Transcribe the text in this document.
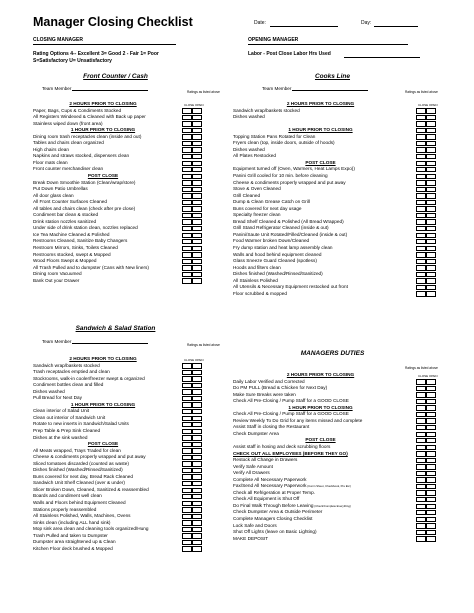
Manager Closing Checklist	Date:	Day:
CLOSING MANAGER	OPENING MANAGER
Rating Options 4-- Excellent 3= Good 2 - Fair 1= Poor
S=Satisfactory U= Unsatisfactory
Labor - Post Close Labor Hrs Used
Front Counter / Cash
Team Member
Ratings as listed above
Cooks Line
Team Member
Ratings as listed above
Sandwich & Salad Station
Team Member
Ratings as listed above
MANAGERS DUTIES
Ratings as listed above
2 HOURS PRIOR TO CLOSING	CLOSE OPEN
Paper, Bags, Cups & Condiments Stocked
All Registers Windexed & Cleaned with Back up paper
Stainless wiped down (front area)
1 HOUR PRIOR TO CLOSING
Dining room trash receptacles clean (inside and out)
Tables and chairs clean organized
High chairs clean
Napkins and straws stocked, dispensers clean
Floor mats clean
Front counter merchandiser clean
POST CLOSE
Break Down Smoothie Station (Clean/wrap/store)
Put Down Patio Umbrellas
All door glass clean
All Front Counter Surfaces Cleaned
All tables and chairs clean (check after pre close)
Condiment bar clean & stocked
Drink station nozzles sanitized
Under side of drink station clean, nozzles replaced
Ice Tea Machine Cleaned & Polished
Restrooms Cleaned, Sanitize Baby Changers
Restroom Mirrors, Sinks, Toilets Cleaned
Restrooms stocked, swept & Mopped
Wood Floors Swept & Mopped
All Trash Pulled and to dumpster (Cans with New liners)
Dining room Vacuumed
Bank Out your Drawer
2 HOURS PRIOR TO CLOSING	CLOSE OPEN
Sandwich wrap/baskets stocked
Trash receptacles emptied and clean
Stockrooms, walk-in cooler/freezer swept & organized
Condiment bottles clean and filled
Dishes washed
Pull Bread for Next Day
1 HOUR PRIOR TO CLOSING
Clean interior of Salad Unit
Clean out interior of Sandwich Unit
Rotate to new inserts in Sandwich/Salad Units
Prep Table & Prep Sink Cleaned
Dishes at the sink washed
POST CLOSE
All Meats wrapped, Trays Traded for clean
Cheese & condiments properly wrapped and put away
Sliced tomatoes discarded (counted as waste)
Dishes finished (Washed/Rinsed/Sanitized)
Buns covered for next day, Bread Rack Cleaned
Sandwich Unit Shelf Cleaned (over & under)
Slicer Broken Down, Cleaned, Sanitized & reassembled
Boards and condiment well clean
Walls and Floors behind Equipment Cleaned
Stations properly reassembled
All Stainless Polished, Walls, Machines, Ovens
Sinks clean (including ALL hand sink)
Mop sink area clean and cleaning tools organized/Hung
Trash Pulled and taken to Dumpster
Dumpster area straightened up & Clean
Kitchen Floor deck brushed & Mopped
2 HOURS PRIOR TO CLOSING	CLOSE OPEN
Sandwich wrap/baskets stocked
Dishes washed
1 HOUR PRIOR TO CLOSING
Topping Station Pans Rotated for Clean
Fryers clean (top, inside doors, outside of hoods)
Dishes washed
All Plates Restocked
POST CLOSE
Equipment turned off (Oven, Warmers, Heat Lamps Expo))
Panini Grill cooled for 10 min. before cleaning
Cheese & condiments properly wrapped and put away
Stove & Oven Cleaned
Grill Cleaned
Dump & Clean Grease Catch on Grill
Buns covered for next day usage
Specialty freezer clean
Bread Shelf Cleaned & Polished (All Bread Wrapped)
Grill Stand Refrigerator Cleaned (inside & out)
Panini/Saute Unit Rotated/Filled/Cleaned (inside & out)
Food Warmer broken Down/Cleaned
Fry dump station and heat lamp assembly clean
Walls and hood behind equipment cleaned
Glass Sneeze Guard Cleaned (spotless)
Hoods and filters clean
Dishes finished (Washed/Rinsed/Sanitized)
All Stainless Polished
All Utensils & Necessary Equipment restocked out front
Floor scrubbed & mopped
2 HOURS PRIOR TO CLOSING	CLOSE OPEN
Daily Labor Verified and Corrected
Do PM PULL (Bread & Chicken for Next Day)
Make Sure Breaks were taken
Check All Pre-Closing / Pump Staff for a GOOD CLOSE
1 HOUR PRIOR TO CLOSING
Check All Pre-Closing / Pump Staff for a GOOD CLOSE
Review Weekly To Do Grid for any items missed and complete
Assist Staff in closing the Restaurant
Check Dumpster Area
POST CLOSE
Assist staff in hosing and deck scrubbing floors
CHECK OUT ALL EMPLOYEES (BEFORE THEY GO)
Restock all Change in Drawers
Verify Safe Amount
Verify All Drawers
Complete All Necessary Paperwork
Fax/Send All Necessary Paperwork (Cat in Sheet, Checkbook, Pre Etc)
Check all Refrigeration at Proper Temp.
Check All Equipment is Shut Off
Do Final Walk Through Before Leaving (Check/Complete Everything)
Check Dumpster Area & Outside Perimeter
Complete Managers Closing Checklist
Lock Safe and Doors
Shut Off Lights (leave on Basic Lighting)
MAKE DEPOSIT
